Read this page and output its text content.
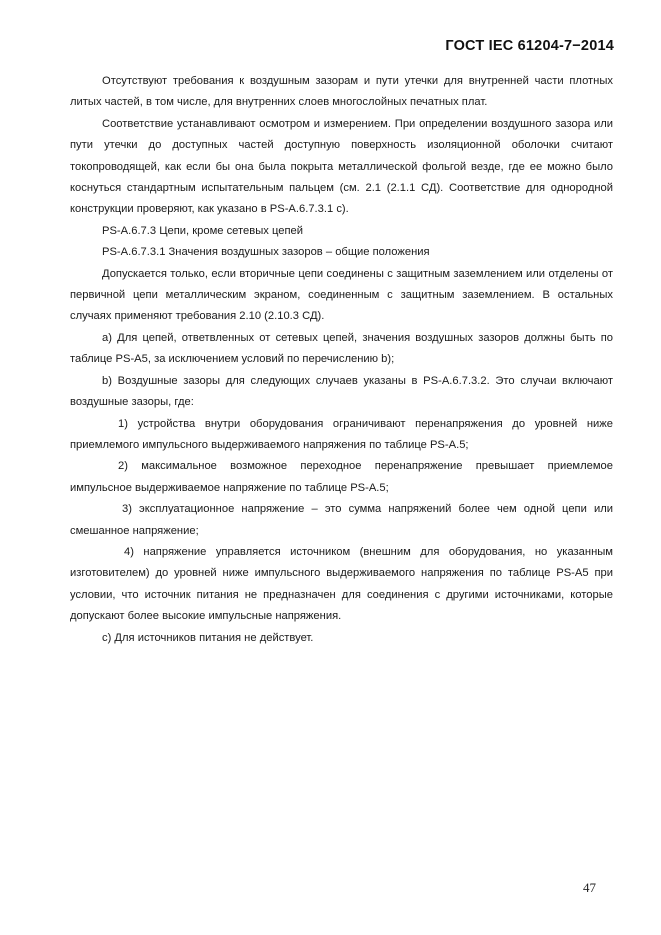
ГОСТ IEC 61204-7−2014

Отсутствуют требования к воздушным зазорам и пути утечки для внутренней части плотных литых частей, в том числе, для внутренних слоев многослойных печатных плат.

Соответствие устанавливают осмотром и измерением. При определении воздушного зазора или пути утечки до доступных частей доступную поверхность изоляционной оболочки считают токопроводящей, как если бы она была покрыта металлической фольгой везде, где ее можно было коснуться стандартным испытательным пальцем (см. 2.1 (2.1.1 СД). Соответствие для однородной конструкции проверяют, как указано в PS-A.6.7.3.1 c).

PS-A.6.7.3 Цепи, кроме сетевых цепей

PS-A.6.7.3.1 Значения воздушных зазоров – общие положения

Допускается только, если вторичные цепи соединены с защитным заземлением или отделены от первичной цепи металлическим экраном, соединенным с защитным заземлением. В остальных случаях применяют требования 2.10 (2.10.3 СД).

a) Для цепей, ответвленных от сетевых цепей, значения воздушных зазоров должны быть по таблице PS-A5, за исключением условий по перечислению b);

b) Воздушные зазоры для следующих случаев указаны в PS-A.6.7.3.2. Это случаи включают воздушные зазоры, где:

1) устройства внутри оборудования ограничивают перенапряжения до уровней ниже приемлемого импульсного выдерживаемого напряжения по таблице PS-A.5;

2) максимальное возможное переходное перенапряжение превышает приемлемое импульсное выдерживаемое напряжение по таблице PS-A.5;

3) эксплуатационное напряжение – это сумма напряжений более чем одной цепи или смешанное напряжение;

4) напряжение управляется источником (внешним для оборудования, но указанным изготовителем) до уровней ниже импульсного выдерживаемого напряжения по таблице PS-A5 при условии, что источник питания не предназначен для соединения с другими источниками, которые допускают более высокие импульсные напряжения.

c) Для источников питания не действует.

47
